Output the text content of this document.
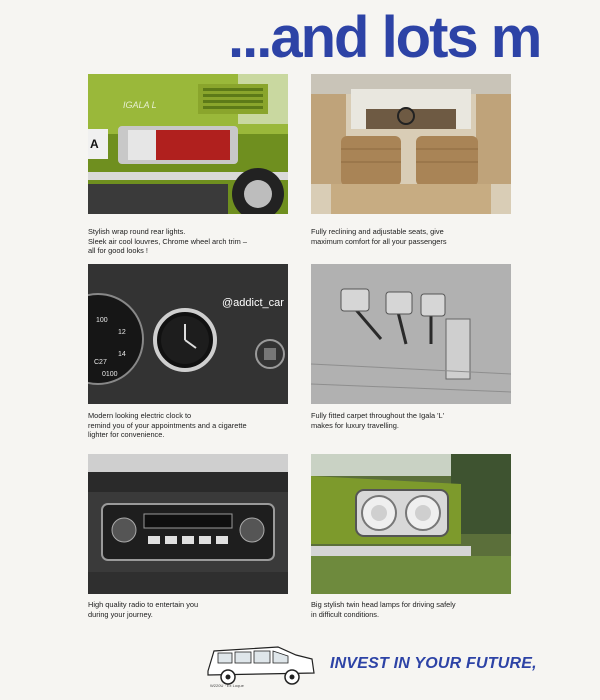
...and lots m
IGALA L
A
Stylish wrap round rear lights.
Sleek air cool louvres, Chrome wheel arch trim –
all for good looks !
Fully reclining and adjustable seats, give
maximum comfort for all your passengers
100
12
14
C27
0100
@addict_car
Modern looking electric clock to
remind you of your appointments and a cigarette
lighter for convenience.
Fully fitted carpet throughout the Igala 'L'
makes for luxury travelling.
High quality radio to entertain you
during your journey.
Big stylish twin head lamps for driving safely
in difficult conditions.
W220U · Ex Loque
INVEST IN YOUR FUTURE,
